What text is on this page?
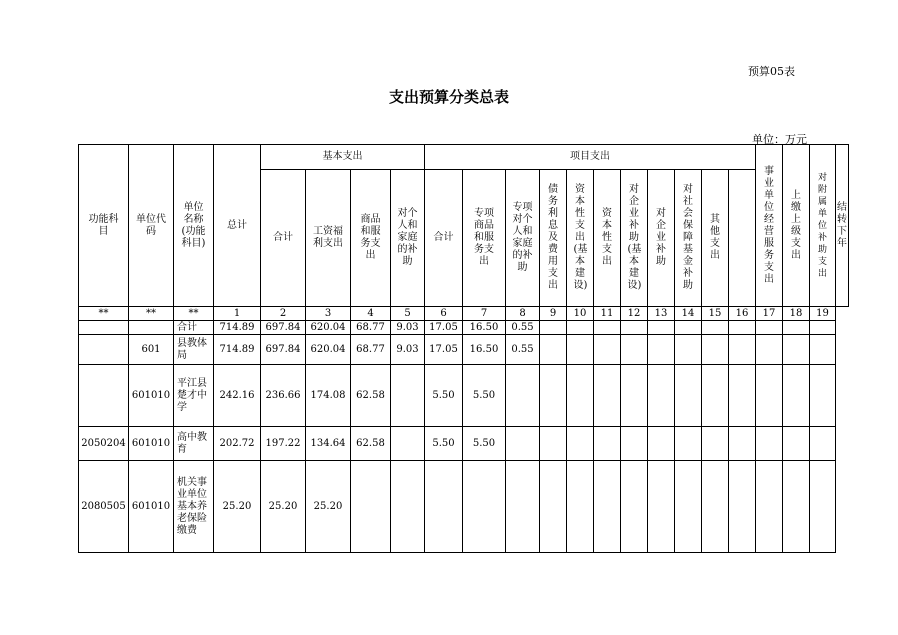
预算05表
支出预算分类总表
单位：万元
功能科目	单位代码	单位名称(功能科目)	总计	基本支出				项目支出											事业单位经营服务支出	上缴上级支出	对附属单位补助支出	结转下年
				合计	工资福利支出	商品和服务支出	对个人和家庭的补助	合计	专项商品和服务支出	专项对个人和家庭的补助	债务利息及费用支出	资本性支出(基本建设)	资本性支出	对企业补助(基本建设)	对企业补助	对社会保障基金补助	其他支出					
**	**	**	1	2	3	4	5	6	7	8	9	10	11	12	13	14	15	16	17	18	19	
		合计	714.89	697.84	620.04	68.77	9.03	17.05	16.50	0.55												
	601	县教体局	714.89	697.84	620.04	68.77	9.03	17.05	16.50	0.55												
	601010	平江县楚才中学	242.16	236.66	174.08	62.58		5.50	5.50													
2050204	601010	高中教育	202.72	197.22	134.64	62.58		5.50	5.50													
2080505	601010	机关事业单位基本养老保险缴费	25.20	25.20	25.20																	
